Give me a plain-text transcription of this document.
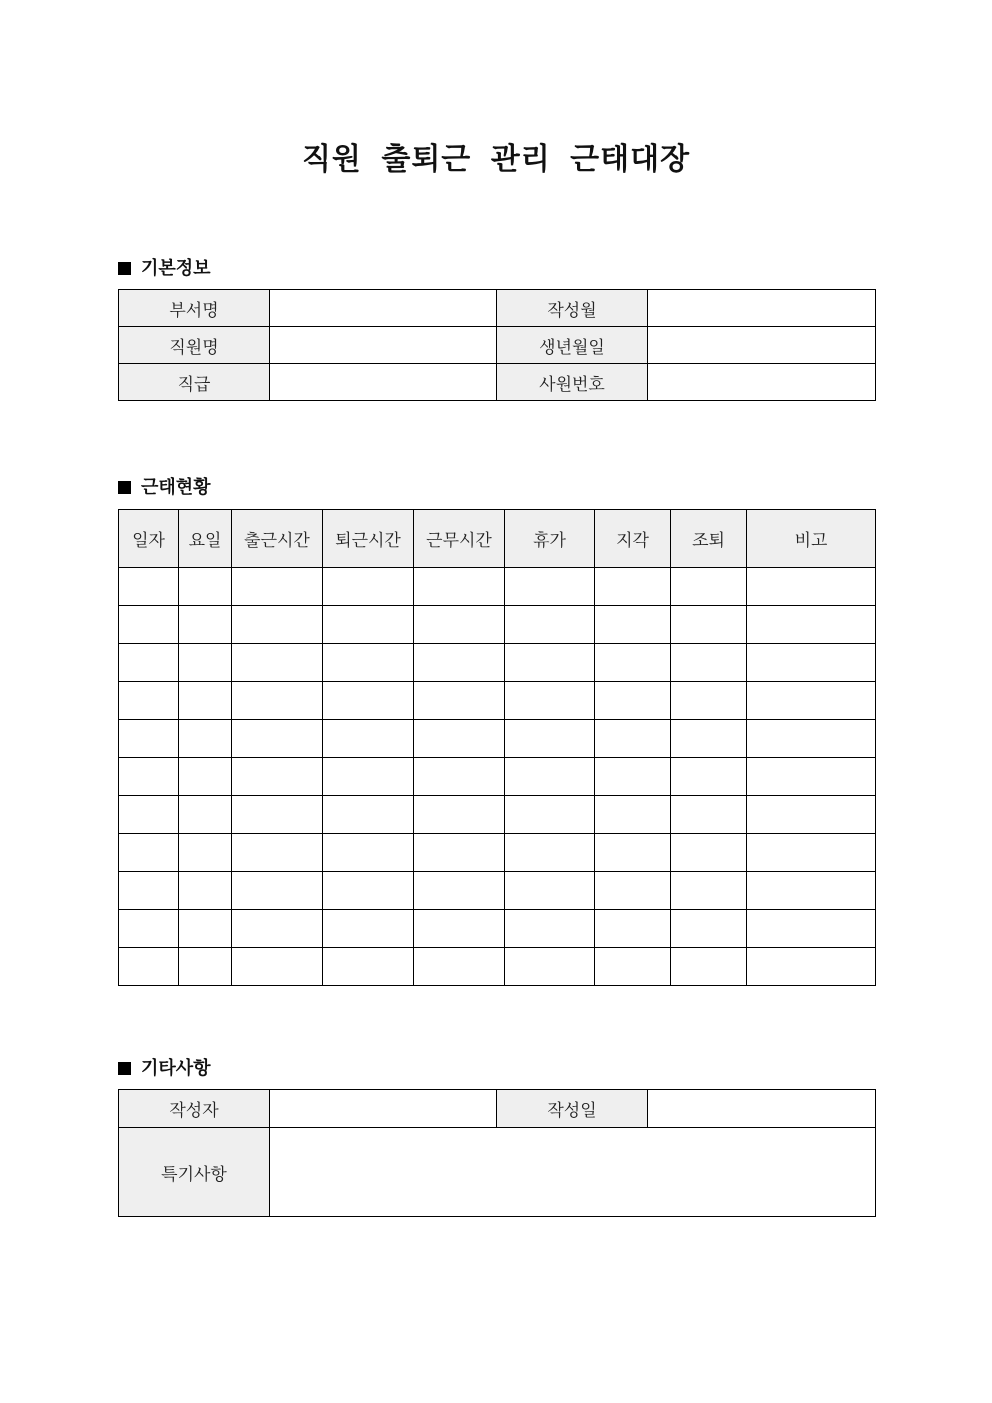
직원 출퇴근 관리 근태대장
기본정보
부서명		작성월	
직원명		생년월일	
직급		사원번호	
근태현황
일자	요일	출근시간	퇴근시간	근무시간	휴가	지각	조퇴	비고

기타사항
작성자		작성일	
특기사항			
